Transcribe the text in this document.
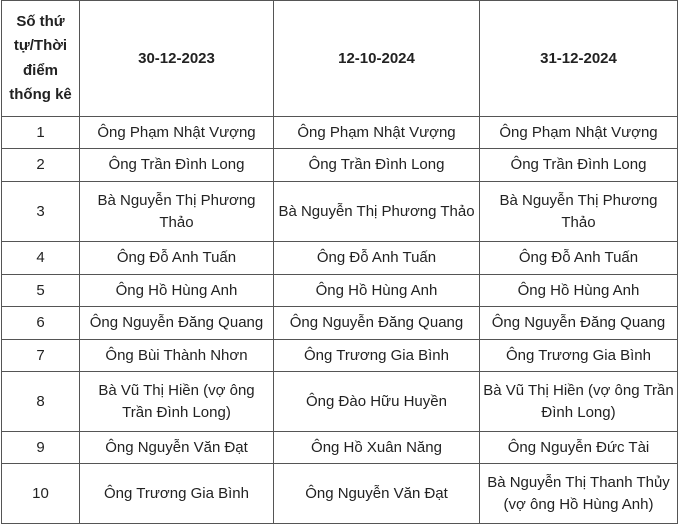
Số thứ tự/Thời điểm thống kê	30-12-2023	12-10-2024	31-12-2024
1	Ông Phạm Nhật Vượng	Ông Phạm Nhật Vượng	Ông Phạm Nhật Vượng
2	Ông Trần Đình Long	Ông Trần Đình Long	Ông Trần Đình Long
3	Bà Nguyễn Thị Phương Thảo	Bà Nguyễn Thị Phương Thảo	Bà Nguyễn Thị Phương Thảo
4	Ông Đỗ Anh Tuấn	Ông Đỗ Anh Tuấn	Ông Đỗ Anh Tuấn
5	Ông Hồ Hùng Anh	Ông Hồ Hùng Anh	Ông Hồ Hùng Anh
6	Ông Nguyễn Đăng Quang	Ông Nguyễn Đăng Quang	Ông Nguyễn Đăng Quang
7	Ông Bùi Thành Nhơn	Ông Trương Gia Bình	Ông Trương Gia Bình
8	Bà Vũ Thị Hiền (vợ ông Trần Đình Long)	Ông Đào Hữu Huyền	Bà Vũ Thị Hiền (vợ ông Trần Đình Long)
9	Ông Nguyễn Văn Đạt	Ông Hồ Xuân Năng	Ông Nguyễn Đức Tài
10	Ông Trương Gia Bình	Ông Nguyễn Văn Đạt	Bà Nguyễn Thị Thanh Thủy (vợ ông Hồ Hùng Anh)
